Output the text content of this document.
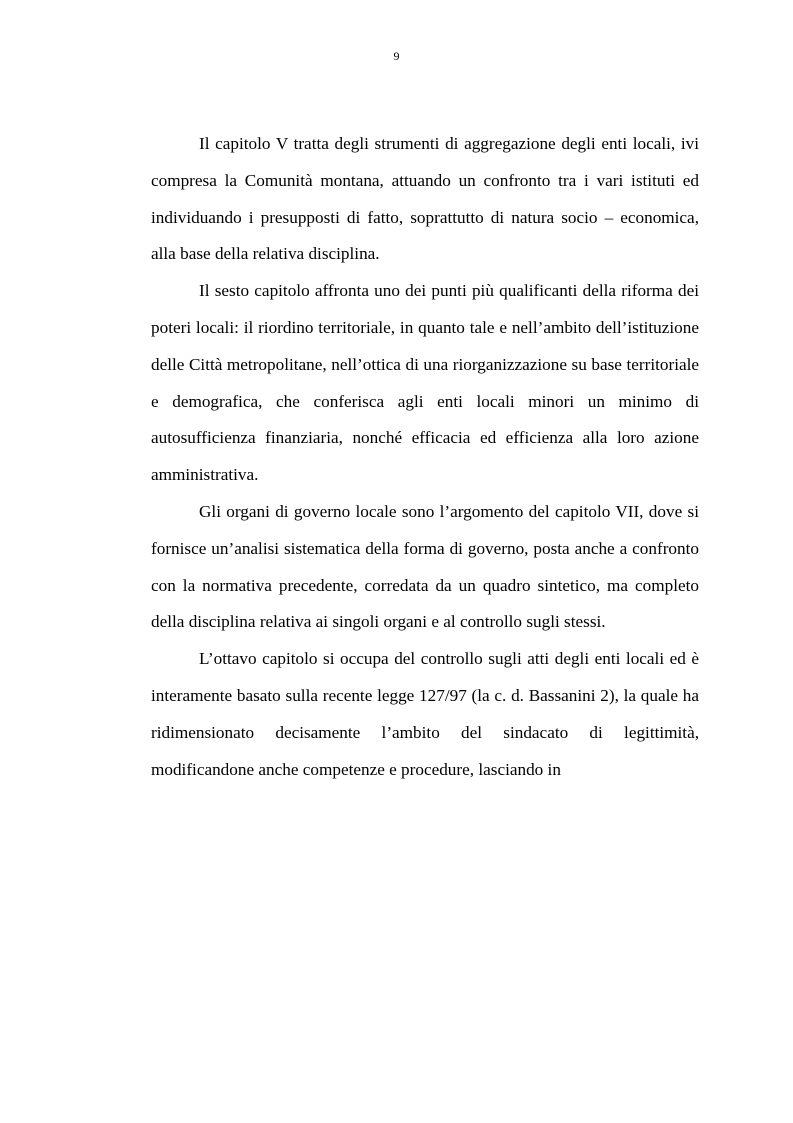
9

Il capitolo V tratta degli strumenti di aggregazione degli enti locali, ivi compresa la Comunità montana, attuando un confronto tra i vari istituti ed individuando i presupposti di fatto, soprattutto di natura socio – economica, alla base della relativa disciplina.

Il sesto capitolo affronta uno dei punti più qualificanti della riforma dei poteri locali: il riordino territoriale, in quanto tale e nell’ambito dell’istituzione delle Città metropolitane, nell’ottica di una riorganizzazione su base territoriale e demografica, che conferisca agli enti locali minori un minimo di autosufficienza finanziaria, nonché efficacia ed efficienza alla loro azione amministrativa.

Gli organi di governo locale sono l’argomento del capitolo VII, dove si fornisce un’analisi sistematica della forma di governo, posta anche a confronto con la normativa precedente, corredata da un quadro sintetico, ma completo della disciplina relativa ai singoli organi e al controllo sugli stessi.

L’ottavo capitolo si occupa del controllo sugli atti degli enti locali ed è interamente basato sulla recente legge 127/97 (la c. d. Bassanini 2), la quale ha ridimensionato decisamente l’ambito del sindacato di legittimità, modificandone anche competenze e procedure, lasciando in
